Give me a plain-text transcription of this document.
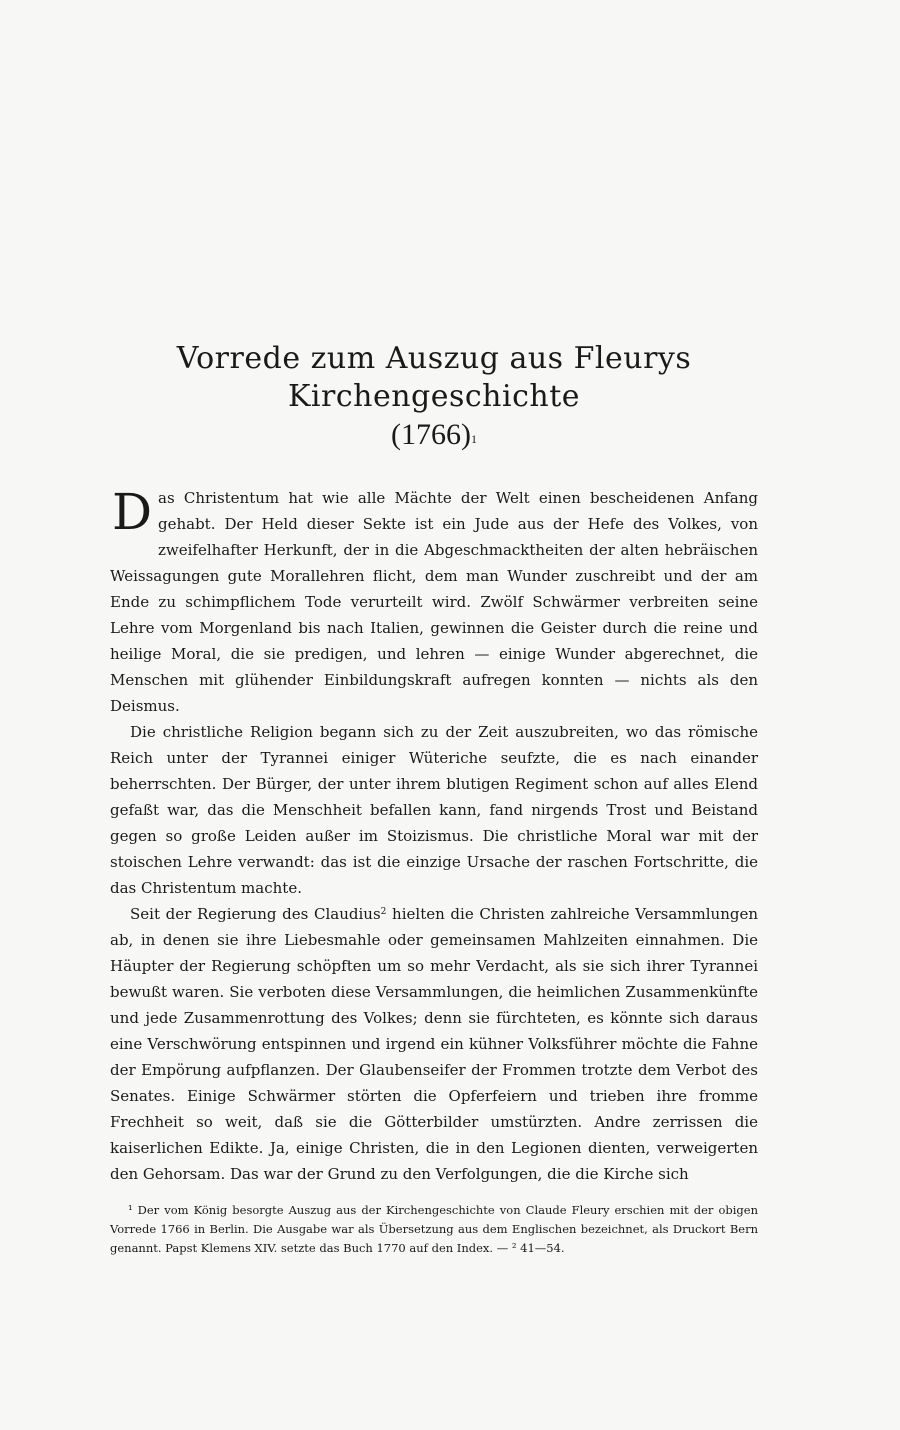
Vorrede zum Auszug aus Fleurys Kirchengeschichte

$(1766)^1$

Das Christentum hat wie alle Mächte der Welt einen bescheidenen Anfang gehabt. Der Held dieser Sekte ist ein Jude aus der Hefe des Volkes, von zweifelhafter Herkunft, der in die Abgeschmacktheiten der alten hebräischen Weissagungen gute Morallehren flicht, dem man Wunder zuschreibt und der am Ende zu schimpflichem Tode verurteilt wird. Zwölf Schwärmer verbreiten seine Lehre vom Morgenland bis nach Italien, gewinnen die Geister durch die reine und heilige Moral, die sie predigen, und lehren — einige Wunder abgerechnet, die Menschen mit glühender Einbildungskraft aufregen konnten — nichts als den Deismus.

Die christliche Religion begann sich zu der Zeit auszubreiten, wo das römische Reich unter der Tyrannei einiger Wüteriche seufzte, die es nach einander beherrschten. Der Bürger, der unter ihrem blutigen Regiment schon auf alles Elend gefaßt war, das die Menschheit befallen kann, fand nirgends Trost und Beistand gegen so große Leiden außer im Stoizismus. Die christliche Moral war mit der stoischen Lehre verwandt: das ist die einzige Ursache der raschen Fortschritte, die das Christentum machte.

Seit der Regierung des Claudius$^2$ hielten die Christen zahlreiche Versammlungen ab, in denen sie ihre Liebesmahle oder gemeinsamen Mahlzeiten einnahmen. Die Häupter der Regierung schöpften um so mehr Verdacht, als sie sich ihrer Tyrannei bewußt waren. Sie verboten diese Versammlungen, die heimlichen Zusammenkünfte und jede Zusammenrottung des Volkes; denn sie fürchteten, es könnte sich daraus eine Verschwörung entspinnen und irgend ein kühner Volksführer möchte die Fahne der Empörung aufpflanzen. Der Glaubenseifer der Frommen trotzte dem Verbot des Senates. Einige Schwärmer störten die Opferfeiern und trieben ihre fromme Frechheit so weit, daß sie die Götterbilder umstürzten. Andre zerrissen die kaiserlichen Edikte. Ja, einige Christen, die in den Legionen dienten, verweigerten den Gehorsam. Das war der Grund zu den Verfolgungen, die die Kirche sich

¹ Der vom König besorgte Auszug aus der Kirchengeschichte von Claude Fleury erschien mit der obigen Vorrede 1766 in Berlin. Die Ausgabe war als Übersetzung aus dem Englischen bezeichnet, als Druckort Bern genannt. Papst Klemens XIV. setzte das Buch 1770 auf den Index. — ² 41—54.
